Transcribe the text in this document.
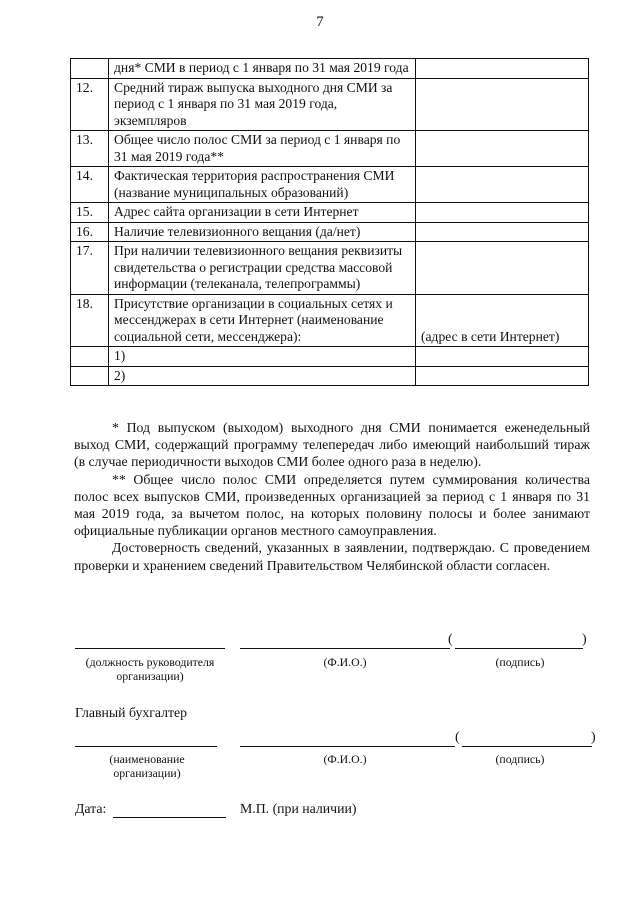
7
	дня* СМИ в период с 1 января по 31 мая 2019 года	
12.	Средний тираж выпуска выходного дня СМИ за период с 1 января по 31 мая 2019 года, экземпляров	
13.	Общее число полос СМИ за период с 1 января по 31 мая 2019 года**	
14.	Фактическая территория распространения СМИ (название муниципальных образований)	
15.	Адрес сайта организации в сети Интернет	
16.	Наличие телевизионного вещания (да/нет)	
17.	При наличии телевизионного вещания реквизиты свидетельства о регистрации средства массовой информации (телеканала, телепрограммы)	
18.	Присутствие организации в социальных сетях и мессенджерах в сети Интернет (наименование социальной сети, мессенджера):	(адрес в сети Интернет)
	1)	
	2)	

* Под выпуском (выходом) выходного дня СМИ понимается еженедельный выход СМИ, содержащий программу телепередач либо имеющий наибольший тираж (в случае периодичности выходов СМИ более одного раза в неделю).

** Общее число полос СМИ определяется путем суммирования количества полос всех выпусков СМИ, произведенных организацией за период с 1 января по 31 мая 2019 года, за вычетом полос, на которых половину полосы и более занимают официальные публикации органов местного самоуправления.

Достоверность сведений, указанных в заявлении, подтверждаю. С проведением проверки и хранением сведений Правительством Челябинской области согласен.

(	)
(должность руководителя организации)
(Ф.И.О.)	(подпись)
Главный бухгалтер
(	)
(наименование организации)
(Ф.И.О.)	(подпись)
Дата:	М.П. (при наличии)
